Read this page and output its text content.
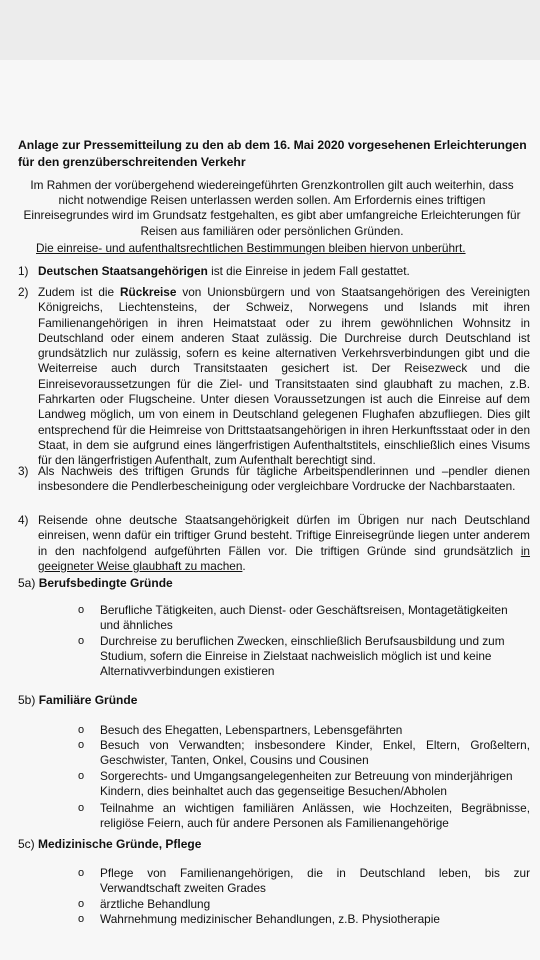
Anlage zur Pressemitteilung zu den ab dem 16. Mai 2020 vorgesehenen Erleichterungen für den grenzüberschreitenden Verkehr
Im Rahmen der vorübergehend wiedereingeführten Grenzkontrollen gilt auch weiterhin, dass nicht notwendige Reisen unterlassen werden sollen. Am Erfordernis eines triftigen Einreisegrundes wird im Grundsatz festgehalten, es gibt aber umfangreiche Erleichterungen für Reisen aus familiären oder persönlichen Gründen.
Die einreise- und aufenthaltsrechtlichen Bestimmungen bleiben hiervon unberührt.
1) Deutschen Staatsangehörigen ist die Einreise in jedem Fall gestattet.
2) Zudem ist die Rückreise von Unionsbürgern und von Staatsangehörigen des Vereinigten Königreichs, Liechtensteins, der Schweiz, Norwegens und Islands mit ihren Familienangehörigen in ihren Heimatstaat oder zu ihrem gewöhnlichen Wohnsitz in Deutschland oder einem anderen Staat zulässig. Die Durchreise durch Deutschland ist grundsätzlich nur zulässig, sofern es keine alternativen Verkehrsverbindungen gibt und die Weiterreise auch durch Transitstaaten gesichert ist. Der Reisezweck und die Einreisevoraussetzungen für die Ziel- und Transitstaaten sind glaubhaft zu machen, z.B. Fahrkarten oder Flugscheine. Unter diesen Voraussetzungen ist auch die Einreise auf dem Landweg möglich, um von einem in Deutschland gelegenen Flughafen abzufliegen. Dies gilt entsprechend für die Heimreise von Drittstaatsangehörigen in ihren Herkunftsstaat oder in den Staat, in dem sie aufgrund eines längerfristigen Aufenthaltstitels, einschließlich eines Visums für den längerfristigen Aufenthalt, zum Aufenthalt berechtigt sind.
3) Als Nachweis des triftigen Grunds für tägliche Arbeitspendlerinnen und –pendler dienen insbesondere die Pendlerbescheinigung oder vergleichbare Vordrucke der Nachbarstaaten.
4) Reisende ohne deutsche Staatsangehörigkeit dürfen im Übrigen nur nach Deutschland einreisen, wenn dafür ein triftiger Grund besteht. Triftige Einreisegründe liegen unter anderem in den nachfolgend aufgeführten Fällen vor. Die triftigen Gründe sind grundsätzlich in geeigneter Weise glaubhaft zu machen.
5a) Berufsbedingte Gründe
o Berufliche Tätigkeiten, auch Dienst- oder Geschäftsreisen, Montagetätigkeiten und ähnliches
o Durchreise zu beruflichen Zwecken, einschließlich Berufsausbildung und zum Studium, sofern die Einreise in Zielstaat nachweislich möglich ist und keine Alternativverbindungen existieren
5b) Familiäre Gründe
o Besuch des Ehegatten, Lebenspartners, Lebensgefährten
o Besuch von Verwandten; insbesondere Kinder, Enkel, Eltern, Großeltern, Geschwister, Tanten, Onkel, Cousins und Cousinen
o Sorgerechts- und Umgangsangelegenheiten zur Betreuung von minderjährigen Kindern, dies beinhaltet auch das gegenseitige Besuchen/Abholen
o Teilnahme an wichtigen familiären Anlässen, wie Hochzeiten, Begräbnisse, religiöse Feiern, auch für andere Personen als Familienangehörige
5c) Medizinische Gründe, Pflege
o Pflege von Familienangehörigen, die in Deutschland leben, bis zur Verwandtschaft zweiten Grades
o ärztliche Behandlung
o Wahrnehmung medizinischer Behandlungen, z.B. Physiotherapie
